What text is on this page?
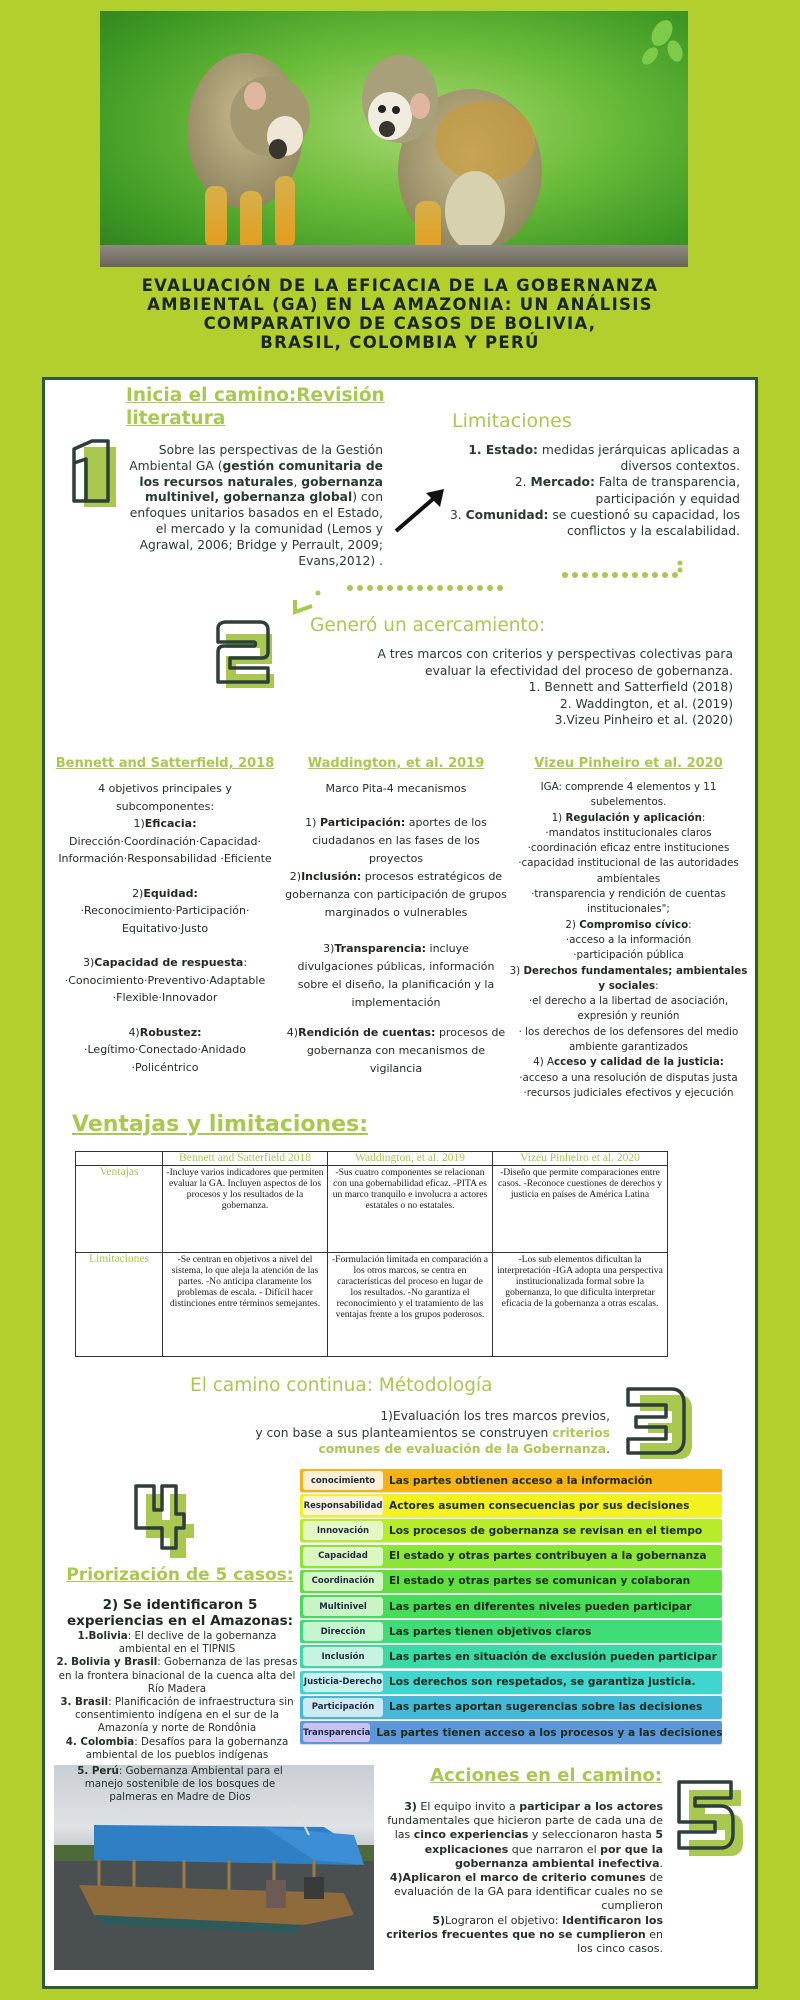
EVALUACIÓN DE LA EFICACIA DE LA GOBERNANZA
AMBIENTAL (GA) EN LA AMAZONIA: UN ANÁLISIS
COMPARATIVO DE CASOS DE BOLIVIA,
BRASIL, COLOMBIA Y PERÚ
Inicia el camino:Revisión
literatura
Sobre las perspectivas de la Gestión Ambiental GA (gestión comunitaria de los recursos naturales, gobernanza multinivel, gobernanza global) con enfoques unitarios basados en el Estado, el mercado y la comunidad (Lemos y Agrawal, 2006; Bridge y Perrault, 2009; Evans,2012) .
Limitaciones
1. Estado: medidas jerárquicas aplicadas a diversos contextos.
2. Mercado: Falta de transparencia, participación y equidad
3. Comunidad: se cuestionó su capacidad, los conflictos y la escalabilidad.
Generó un acercamiento:
A tres marcos con criterios y perspectivas colectivas para
evaluar la efectividad del proceso de gobernanza.
1. Bennett and Satterfield (2018)
2. Waddington, et al. (2019)
3.Vizeu Pinheiro et al. (2020)
Bennett and Satterfield, 2018
4 objetivos principales y subcomponentes:
1)Eficacia:
Dirección·Coordinación·Capacidad· Información·Responsabilidad ·Eficiente
2)Equidad:
·Reconocimiento·Participación· Equitativo·Justo
3)Capacidad de respuesta:
·Conocimiento·Preventivo·Adaptable ·Flexible·Innovador
4)Robustez:
·Legítimo·Conectado·Anidado ·Policéntrico
Waddington, et al. 2019
Marco Pita-4 mecanismos
1) Participación: aportes de los ciudadanos en las fases de los proyectos
2)Inclusión: procesos estratégicos de gobernanza con participación de grupos marginados o vulnerables
3)Transparencia: incluye divulgaciones públicas, información sobre el diseño, la planificación y la implementación
4)Rendición de cuentas: procesos de gobernanza con mecanismos de vigilancia
Vizeu Pinheiro et al. 2020
IGA: comprende 4 elementos y 11 subelementos.
1) Regulación y aplicación:
·mandatos institucionales claros
·coordinación eficaz entre instituciones
·capacidad institucional de las autoridades ambientales
·transparencia y rendición de cuentas institucionales";
2) Compromiso cívico:
·acceso a la información
·participación pública
3) Derechos fundamentales; ambientales y sociales:
·el derecho a la libertad de asociación, expresión y reunión
· los derechos de los defensores del medio ambiente garantizados
4) Acceso y calidad de la justicia:
·acceso a una resolución de disputas justa
·recursos judiciales efectivos y ejecución
Ventajas y limitaciones:
	Bennett and Satterfield 2018	Waddington, et al. 2019	Vizeu Pinheiro et al. 2020
Ventajas	-Incluye varios indicadores que permiten evaluar la GA. Incluyen aspectos de los procesos y los resultados de la gobernanza.	-Sus cuatro componentes se relacionan con una gobernabilidad eficaz. -PITA es un marco tranquilo e involucra a actores estatales o no estatales.	-Diseño que permite comparaciones entre casos. -Reconoce cuestiones de derechos y justicia en países de América Latina
Limitaciones	-Se centran en objetivos a nivel del sistema, lo que aleja la atención de las partes. -No anticipa claramente los problemas de escala. - Difícil hacer distinciones entre términos semejantes.	-Formulación limitada en comparación a los otros marcos, se centra en características del proceso en lugar de los resultados. -No garantiza el reconocimiento y el tratamiento de las ventajas frente a los grupos poderosos.	-Los sub elementos dificultan la interpretación -IGA adopta una perspectiva institucionalizada formal sobre la gobernanza, lo que dificulta interpretar eficacia de la gobernanza a otras escalas.
El camino continua: Métodología
1)Evaluación los tres marcos previos,
y con base a sus planteamientos se construyen criterios comunes de evaluación de la Gobernanza.
conocimiento	Las partes obtienen acceso a la información
Responsabilidad Actores asumen consecuencias por sus decisiones
Innovación	Los procesos de gobernanza se revisan en el tiempo
Capacidad	El estado y otras partes contribuyen a la gobernanza
Coordinación	El estado y otras partes se comunican y colaboran
Multinivel	Las partes en diferentes niveles pueden participar
Dirección	Las partes tienen objetivos claros
Inclusión	Las partes en situación de exclusión pueden participar
Justicia-Derecho Los derechos son respetados, se garantiza justicia.
Participación	Las partes aportan sugerencias sobre las decisiones
Transparencia Las partes tienen acceso a los procesos y a las decisiones
Priorización de 5 casos:
2) Se identificaron 5 experiencias en el Amazonas:
1.Bolivia: El declive de la gobernanza ambiental en el TIPNIS
2. Bolivia y Brasil: Gobernanza de las presas en la frontera binacional de la cuenca alta del Río Madera
3. Brasil: Planificación de infraestructura sin consentimiento indígena en el sur de la Amazonía y norte de Rondônia
4. Colombia: Desafíos para la gobernanza ambiental de los pueblos indígenas
5. Perú: Gobernanza Ambiental para el manejo sostenible de los bosques de palmeras en Madre de Dios
Acciones en el camino:
3) El equipo invito a participar a los actores fundamentales que hicieron parte de cada una de las cinco experiencias y seleccionaron hasta 5 explicaciones que narraron el por que la gobernanza ambiental inefectiva.
4)Aplicaron el marco de criterio comunes de evaluación de la GA para identificar cuales no se cumplieron
5)Lograron el objetivo: Identificaron los criterios frecuentes que no se cumplieron en los cinco casos.
